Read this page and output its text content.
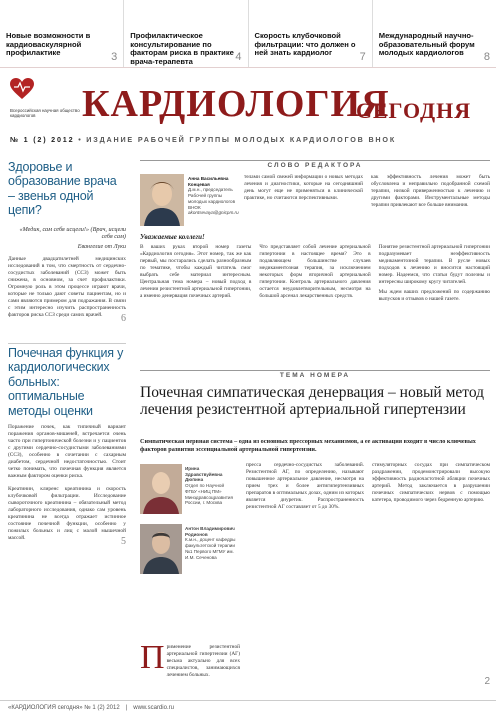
Новые возможности в кардиоваскулярной профилактике	3
Профилактическое консультирование по факторам риска в практике врача-терапевта	4
Скорость клубочковой фильтрации: что должен о ней знать кардиолог	7
Международный научно-образовательный форум молодых кардиологов	8
Всероссийская научная общество кардиологов	КАРДИОЛОГИЯ
СЕГОДНЯ
№ 1 (2) 2012 • ИЗДАНИЕ РАБОЧЕЙ ГРУППЫ МОЛОДЫХ КАРДИОЛОГОВ ВНОК
Здоровье и образование врача – звенья одной цепи?
«Медик, сам себя исцели!» (Врач, исцели себя сам)
Евангелие от Луки
Данные двадцатилетней медицинских исследований в том, что смертность от сердечно-сосудистых заболеваний (ССЗ) может быть снижена, в основном, за счет профилактики. Огромную роль в этом процессе играют врачи, которые не только дают советы пациентам, но и сами являются примером для подражания. В связи с этим интересно изучить распространенность факторов риска ССЗ среди самих врачей. 6
Почечная функция у кардиологических больных: оптимальные методы оценки
Поражение почек, как типичный вариант поражения органов-мишеней, встречается очень часто при гипертонической болезни и у пациентов с другими сердечно-сосудистыми заболеваниями (ССЗ), особенно в сочетании с сахарным диабетом, сердечной недостаточностью. Стоит четко понимать, что почечная функция является важным фактором оценки риска.
Креатинин, клиренс креатинина и скорость клубочковой фильтрации. Исследование сывороточного креатинина – обязательный метод лабораторного исследования, однако сам уровень креатинина не всегда отражает истинное состояние почечной функции, особенно у пожилых больных и лиц с малой мышечной массой.	5
СЛОВО РЕДАКТОРА
Анна Васильевна Концевая
Д.м.н., председатель Рабочей группы молодых кардиологов ВНОК
akontsevaya@gnicpm.ru
телами самой свежей информации о новых методах лечения и диагностики, которые на сегодняшний день могут еще не применяться в клинической практике, но считаются перспективными.
как эффективность лечения может быть обусловлена и неправильно подобранной схемой терапии, низкой приверженностью к лечению и другими факторами. Инструментальные методы терапии привлекают все больше внимания.
Уважаемые коллеги!
В ваших руках второй номер газеты «Кардиология сегодня». Этот номер, так же как первый, мы постарались сделать разнообразным по тематике, чтобы каждый читатель смог выбрать себе материал интересным. Центральная тема номера – новый подход в лечении резистентной артериальной гипертонии, а именно денервация почечных артерий.
Что представляет собой лечение артериальной гипертонии в настоящее время? Это в подавляющем большинстве случаев медикаментозная терапия, за исключением некоторых форм вторичной артериальной гипертонии. Контроль артериального давления остается неудовлетворительным, несмотря на большой арсенал лекарственных средств.

Понятие резистентной артериальной гипертонии подразумевает неэффективность медикаментозной терапии. В русле новых подходов к лечению и вносится настоящий номер. Надеемся, что статьи будут полезны и интересны широкому кругу читателей.

Мы ждем ваших предложений по содержанию выпусков и отзывов о нашей газете.

ТЕМА НОМЕРА
Почечная симпатическая денервация – новый метод лечения резистентной артериальной гипертензии
Симпатическая нервная система – одна из основных прессорных механизмов, а ее активация входит в число ключевых факторов развития эссенциальной артериальной гипертензии.
Ирина Здравствуйевна Дюпина
Отдел по Научной ФГБУ «НИЦ ПМ» Минздравсоцразвития России, г. Москва
Антон Владимирович Родионов
К.м.н., доцент кафедры факультетской терапии №1 Первого МГМУ им. И.М. Сеченова
П рименение резистентной артериальной гипертензии (АГ) весьма актуально для всех специалистов, занимающихся лечением больных.

пресса сердечно-сосудистых заболеваний. Резистентной АГ, по определению, называют повышенное артериальное давление, несмотря на прием трех и более антигипертензивных препаратов в оптимальных дозах, одним из которых является диуретик. Распространенность резистентной АГ составляет от 5 до 30%.

стимуляторных сосудах при симпатическом раздражении, продемонстрировали высокую эффективность радиочастотной абляции почечных артерий. Метод заключается в разрушении почечных симпатических нервов с помощью катетера, проводимого через бедренную артерию.

2
«КАРДИОЛОГИЯ сегодня» № 1 (2) 2012 | www.scardio.ru
